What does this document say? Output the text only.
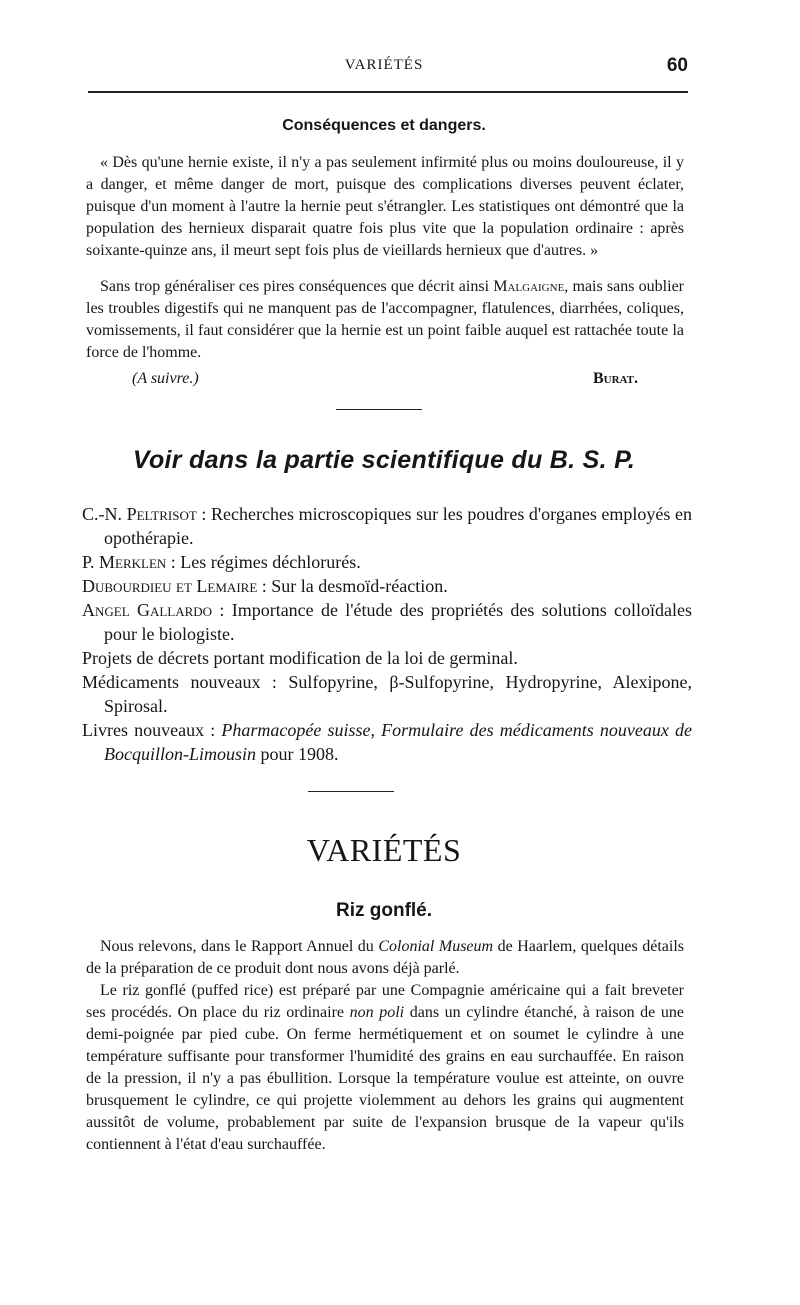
VARIÉTÉS	60
Conséquences et dangers.
« Dès qu'une hernie existe, il n'y a pas seulement infirmité plus ou moins douloureuse, il y a danger, et même danger de mort, puisque des complications diverses peuvent éclater, puisque d'un moment à l'autre la hernie peut s'étrangler. Les statistiques ont démontré que la population des hernieux disparait quatre fois plus vite que la population ordinaire : après soixante-quinze ans, il meurt sept fois plus de vieillards hernieux que d'autres. »
Sans trop généraliser ces pires conséquences que décrit ainsi Malgaigne, mais sans oublier les troubles digestifs qui ne manquent pas de l'accompagner, flatulences, diarrhées, coliques, vomissements, il faut considérer que la hernie est un point faible auquel est rattachée toute la force de l'homme.
(A suivre.)	Burat.
Voir dans la partie scientifique du B. S. P.
C.-N. Peltrisot : Recherches microscopiques sur les poudres d'organes employés en opothérapie.
P. Merklen : Les régimes déchlorurés.
Dubourdieu et Lemaire : Sur la desmoïd-réaction.
Angel Gallardo : Importance de l'étude des propriétés des solutions colloïdales pour le biologiste.
Projets de décrets portant modification de la loi de germinal.
Médicaments nouveaux : Sulfopyrine, β-Sulfopyrine, Hydropyrine, Alexipone, Spirosal.
Livres nouveaux : Pharmacopée suisse, Formulaire des médicaments nouveaux de Bocquillon-Limousin pour 1908.
VARIÉTÉS
Riz gonflé.
Nous relevons, dans le Rapport Annuel du Colonial Museum de Haarlem, quelques détails de la préparation de ce produit dont nous avons déjà parlé.
Le riz gonflé (puffed rice) est préparé par une Compagnie américaine qui a fait breveter ses procédés. On place du riz ordinaire non poli dans un cylindre étanché, à raison de une demi-poignée par pied cube. On ferme hermétiquement et on soumet le cylindre à une température suffisante pour transformer l'humidité des grains en eau surchauffée. En raison de la pression, il n'y a pas ébullition. Lorsque la température voulue est atteinte, on ouvre brusquement le cylindre, ce qui projette violemment au dehors les grains qui augmentent aussitôt de volume, probablement par suite de l'expansion brusque de la vapeur qu'ils contiennent à l'état d'eau surchauffée.
